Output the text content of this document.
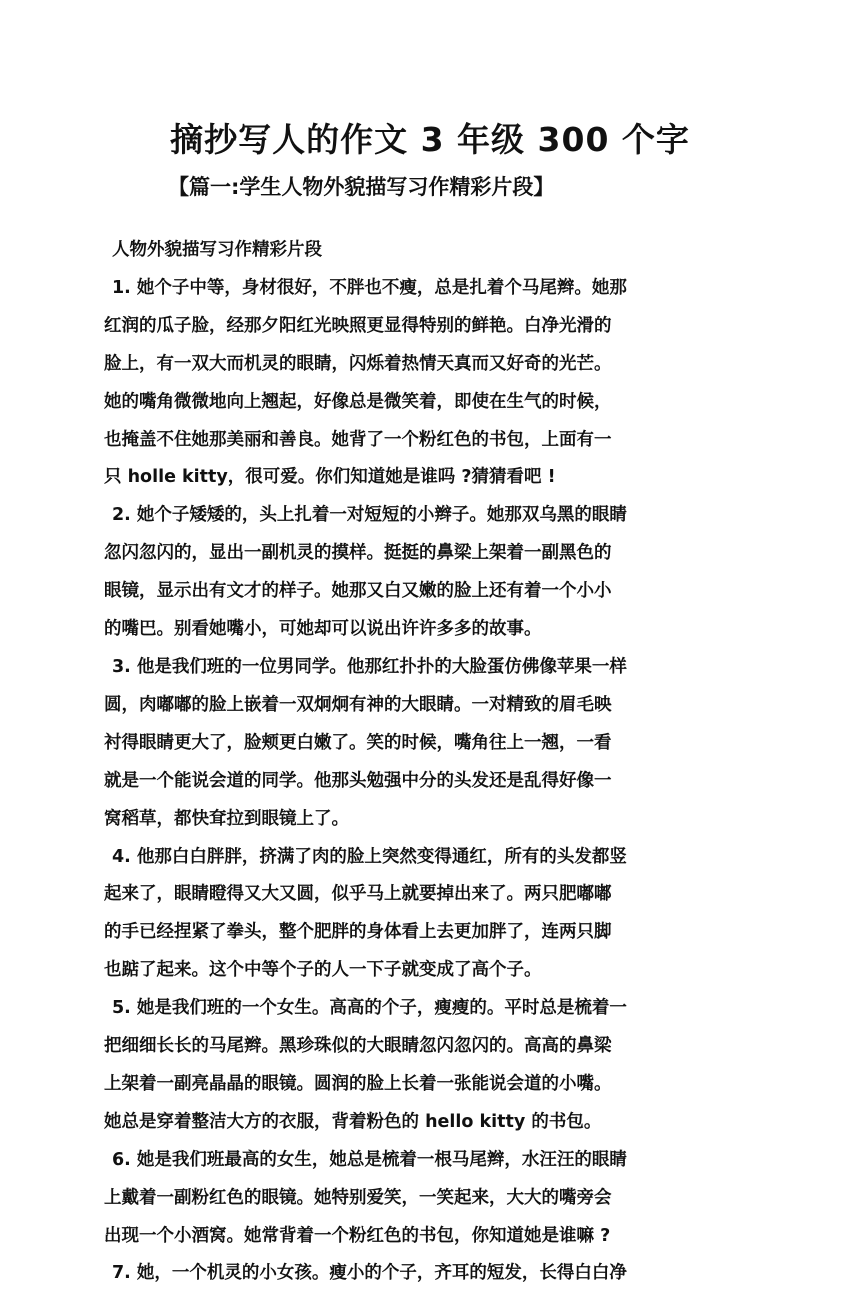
摘抄写人的作文 3 年级 300 个字
【篇一:学生人物外貌描写习作精彩片段】
人物外貌描写习作精彩片段
1. 她个子中等，身材很好，不胖也不瘦，总是扎着个马尾辫。她那
红润的瓜子脸，经那夕阳红光映照更显得特别的鲜艳。白净光滑的
脸上，有一双大而机灵的眼睛，闪烁着热情天真而又好奇的光芒。
她的嘴角微微地向上翘起，好像总是微笑着，即使在生气的时候，
也掩盖不住她那美丽和善良。她背了一个粉红色的书包，上面有一
只 holle kitty，很可爱。你们知道她是谁吗 ?猜猜看吧 !
2. 她个子矮矮的，头上扎着一对短短的小辫子。她那双乌黑的眼睛
忽闪忽闪的，显出一副机灵的摸样。挺挺的鼻梁上架着一副黑色的
眼镜，显示出有文才的样子。她那又白又嫩的脸上还有着一个小小
的嘴巴。别看她嘴小，可她却可以说出许许多多的故事。
3. 他是我们班的一位男同学。他那红扑扑的大脸蛋仿佛像苹果一样
圆，肉嘟嘟的脸上嵌着一双炯炯有神的大眼睛。一对精致的眉毛映
衬得眼睛更大了，脸颊更白嫩了。笑的时候，嘴角往上一翘，一看
就是一个能说会道的同学。他那头勉强中分的头发还是乱得好像一
窝稻草，都快耷拉到眼镜上了。
4. 他那白白胖胖，挤满了肉的脸上突然变得通红，所有的头发都竖
起来了，眼睛瞪得又大又圆，似乎马上就要掉出来了。两只肥嘟嘟
的手已经捏紧了拳头，整个肥胖的身体看上去更加胖了，连两只脚
也踮了起来。这个中等个子的人一下子就变成了高个子。
5. 她是我们班的一个女生。高高的个子，瘦瘦的。平时总是梳着一
把细细长长的马尾辫。黑珍珠似的大眼睛忽闪忽闪的。高高的鼻梁
上架着一副亮晶晶的眼镜。圆润的脸上长着一张能说会道的小嘴。
她总是穿着整洁大方的衣服，背着粉色的 hello kitty 的书包。
6. 她是我们班最高的女生，她总是梳着一根马尾辫，水汪汪的眼睛
上戴着一副粉红色的眼镜。她特别爱笑，一笑起来，大大的嘴旁会
出现一个小酒窝。她常背着一个粉红色的书包，你知道她是谁嘛 ?
7. 她，一个机灵的小女孩。瘦小的个子，齐耳的短发，长得白白净
